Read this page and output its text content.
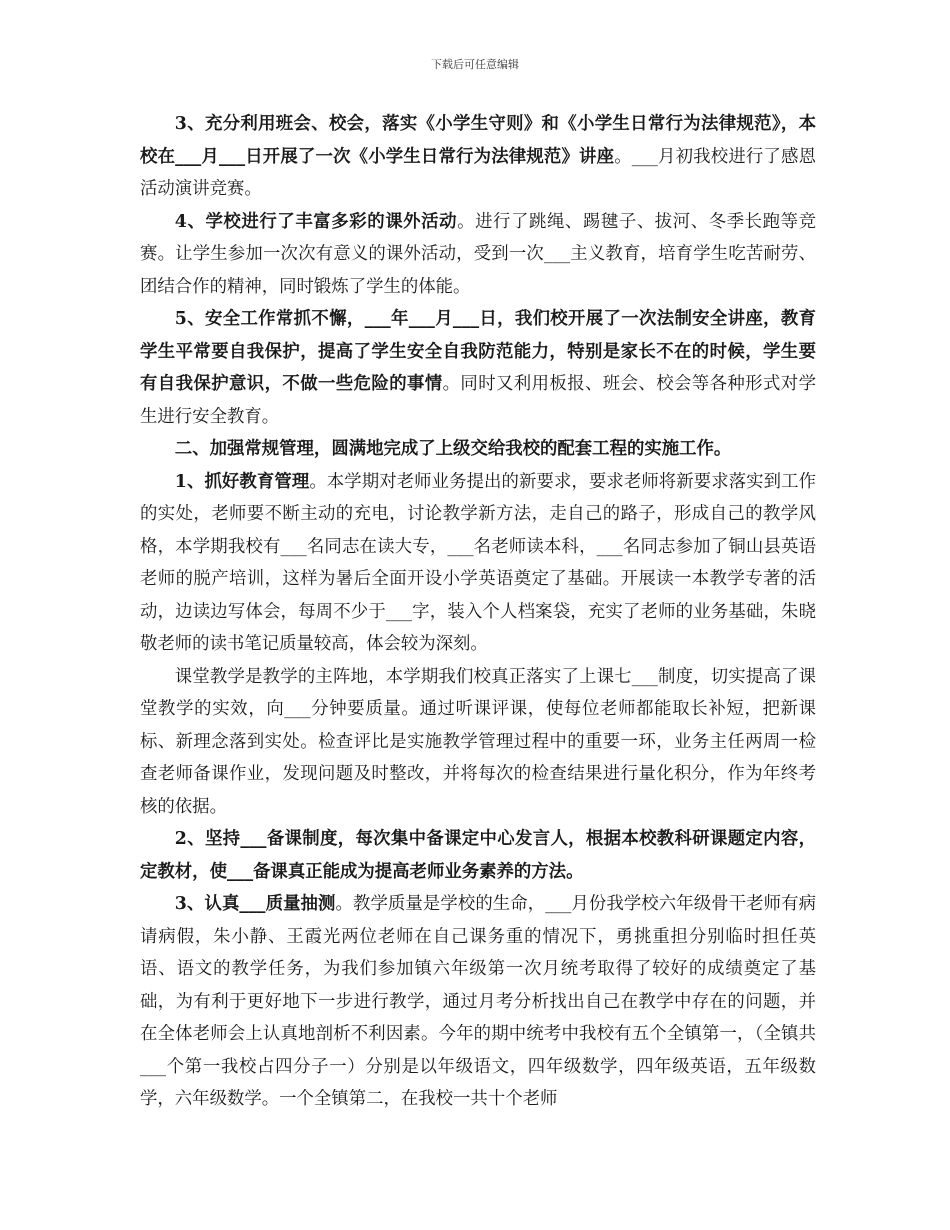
下载后可任意编辑

3、充分利用班会、校会，落实《小学生守则》和《小学生日常行为法律规范》，本校在___月___日开展了一次《小学生日常行为法律规范》讲座。___月初我校进行了感恩活动演讲竞赛。

4、学校进行了丰富多彩的课外活动。进行了跳绳、踢毽子、拔河、冬季长跑等竞赛。让学生参加一次次有意义的课外活动，受到一次___主义教育，培育学生吃苦耐劳、团结合作的精神，同时锻炼了学生的体能。

5、安全工作常抓不懈，___年___月___日，我们校开展了一次法制安全讲座，教育学生平常要自我保护，提高了学生安全自我防范能力，特别是家长不在的时候，学生要有自我保护意识，不做一些危险的事情。同时又利用板报、班会、校会等各种形式对学生进行安全教育。

二、加强常规管理，圆满地完成了上级交给我校的配套工程的实施工作。

1、抓好教育管理。本学期对老师业务提出的新要求，要求老师将新要求落实到工作的实处，老师要不断主动的充电，讨论教学新方法，走自己的路子，形成自己的教学风格，本学期我校有___名同志在读大专，___名老师读本科，___名同志参加了铜山县英语老师的脱产培训，这样为暑后全面开设小学英语奠定了基础。开展读一本教学专著的活动，边读边写体会，每周不少于___字，装入个人档案袋，充实了老师的业务基础，朱晓敬老师的读书笔记质量较高，体会较为深刻。

课堂教学是教学的主阵地，本学期我们校真正落实了上课七___制度，切实提高了课堂教学的实效，向___分钟要质量。通过听课评课，使每位老师都能取长补短，把新课标、新理念落到实处。检查评比是实施教学管理过程中的重要一环，业务主任两周一检查老师备课作业，发现问题及时整改，并将每次的检查结果进行量化积分，作为年终考核的依据。

2、坚持___备课制度，每次集中备课定中心发言人，根据本校教科研课题定内容，定教材，使___备课真正能成为提高老师业务素养的方法。

3、认真___质量抽测。教学质量是学校的生命，___月份我学校六年级骨干老师有病请病假，朱小静、王霞光两位老师在自己课务重的情况下，勇挑重担分别临时担任英语、语文的教学任务，为我们参加镇六年级第一次月统考取得了较好的成绩奠定了基础，为有利于更好地下一步进行教学，通过月考分析找出自己在教学中存在的问题，并在全体老师会上认真地剖析不利因素。今年的期中统考中我校有五个全镇第一，（全镇共___个第一我校占四分子一）分别是以年级语文，四年级数学，四年级英语，五年级数学，六年级数学。一个全镇第二，在我校一共十个老师
